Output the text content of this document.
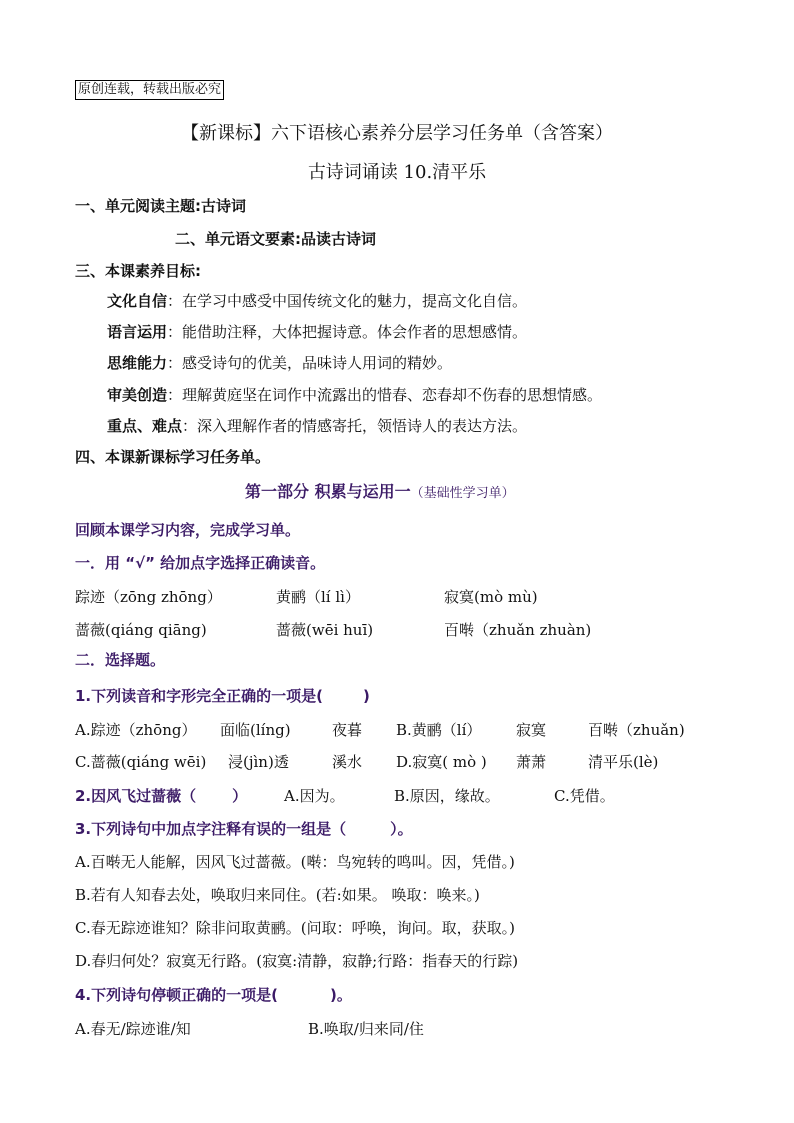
原创连载，转载出版必究
【新课标】六下语核心素养分层学习任务单（含答案）
古诗词诵读 10.清平乐
一、单元阅读主题:古诗词
二、单元语文要素:品读古诗词
三、本课素养目标:
文化自信：在学习中感受中国传统文化的魅力，提高文化自信。
语言运用：能借助注释，大体把握诗意。体会作者的思想感情。
思维能力：感受诗句的优美，品味诗人用词的精妙。
审美创造：理解黄庭坚在词作中流露出的惜春、恋春却不伤春的思想情感。
重点、难点：深入理解作者的情感寄托，领悟诗人的表达方法。
四、本课新课标学习任务单。
第一部分 积累与运用一（基础性学习单）
回顾本课学习内容，完成学习单。
一．用 “√” 给加点字选择正确读音。
踪迹（zōng zhōng）	黄鹂（lí lì）	寂寞(mò mù)
蔷薇(qiáng qiāng)	蔷薇(wēi huī)	百啭（zhuǎn zhuàn)
二．选择题。
1.下列读音和字形完全正确的一项是(	)
A.踪迹（zhōng） 面临(líng)	夜暮 B.黄鹂（lí） 寂寞	百啭（zhuǎn)
C.蔷薇(qiáng wēi) 浸(jìn)透	溪水 D.寂寞( mò ) 萧萧	清平乐(lè)
2.因风飞过蔷薇（ ） A.因为。	B.原因，缘故。	C.凭借。
3.下列诗句中加点字注释有误的一组是（	）。
A.百啭无人能解，因风飞过蔷薇。(啭：鸟宛转的鸣叫。因，凭借。)
B.若有人知春去处，唤取归来同住。(若:如果。 唤取：唤来。)
C.春无踪迹谁知？除非问取黄鹂。(问取：呼唤，询问。取，获取。)
D.春归何处？寂寞无行路。(寂寞:清静，寂静;行路：指春天的行踪)
4.下列诗句停顿正确的一项是(	)。
A.春无/踪迹谁/知	B.唤取/归来同/住
